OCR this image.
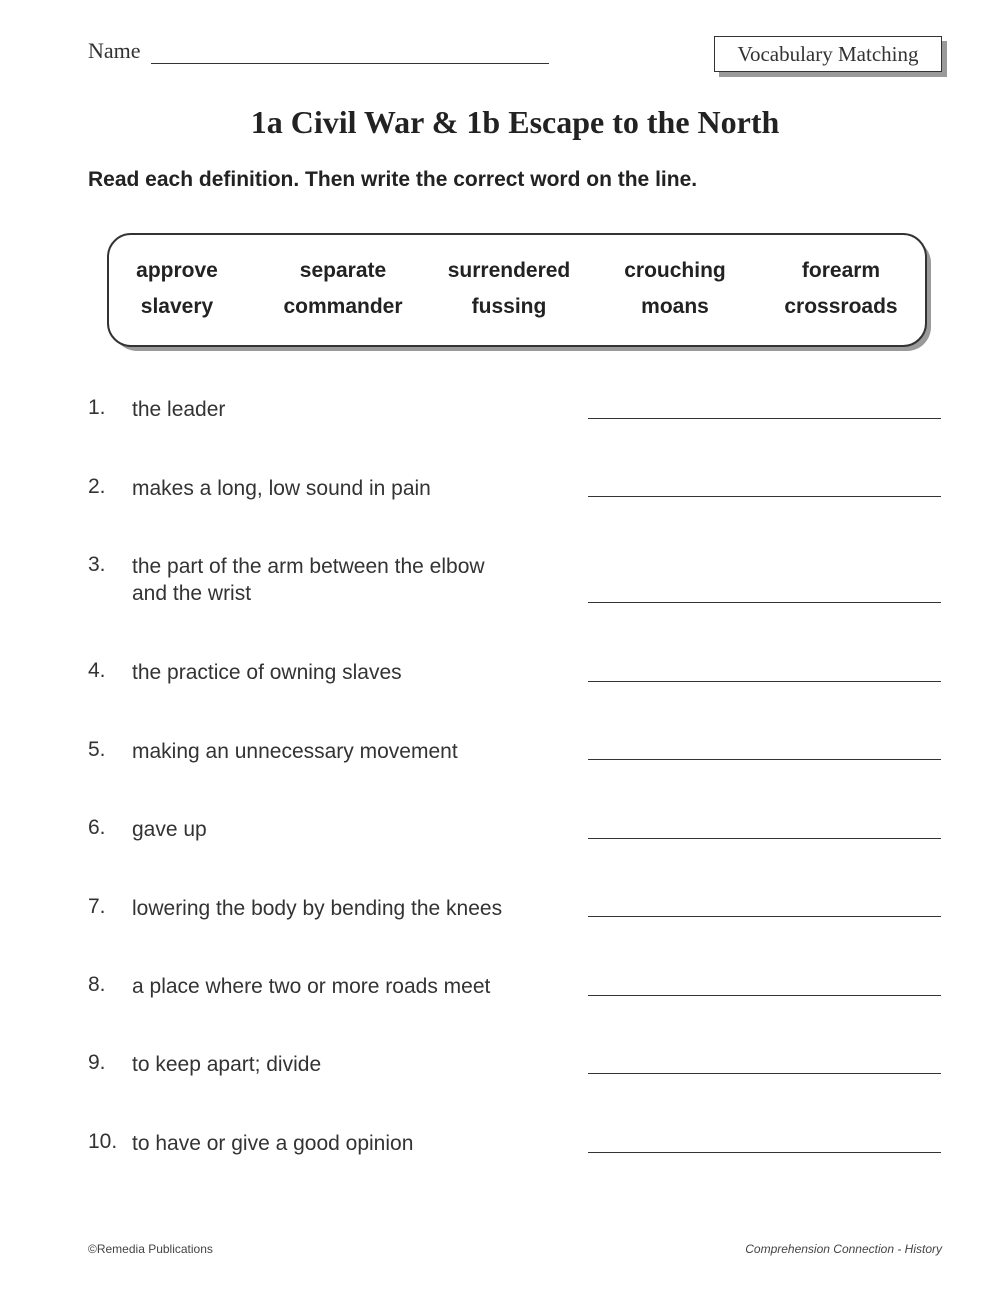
Name	Vocabulary Matching
1a Civil War & 1b Escape to the North
Read each definition. Then write the correct word on the line.
approve	separate	surrendered	crouching	forearm
slavery	commander	fussing	moans	crossroads
1. the leader
2. makes a long, low sound in pain
3. the part of the arm between the elbow
and the wrist
4. the practice of owning slaves
5. making an unnecessary movement
6. gave up
7. lowering the body by bending the knees
8. a place where two or more roads meet
9. to keep apart; divide
10. to have or give a good opinion
©Remedia Publications	Comprehension Connection - History
